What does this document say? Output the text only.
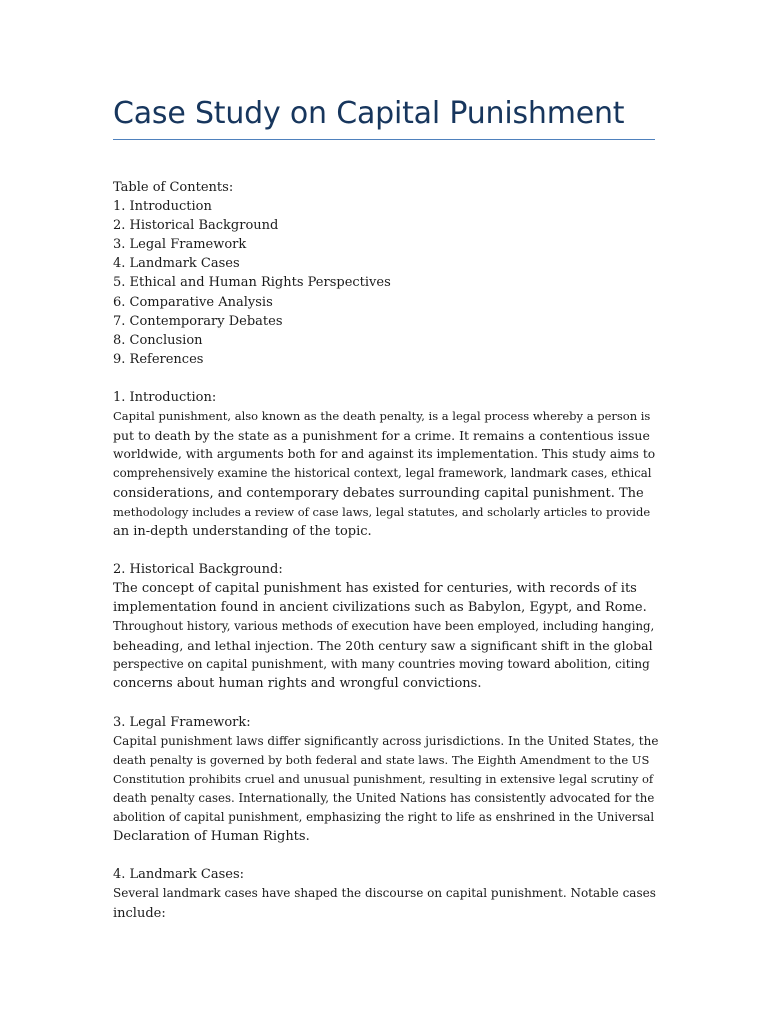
Case Study on Capital Punishment
Table of Contents:
1. Introduction
2. Historical Background
3. Legal Framework
4. Landmark Cases
5. Ethical and Human Rights Perspectives
6. Comparative Analysis
7. Contemporary Debates
8. Conclusion
9. References
1. Introduction:
Capital punishment, also known as the death penalty, is a legal process whereby a person is
put to death by the state as a punishment for a crime. It remains a contentious issue
worldwide, with arguments both for and against its implementation. This study aims to
comprehensively examine the historical context, legal framework, landmark cases, ethical
considerations, and contemporary debates surrounding capital punishment. The
methodology includes a review of case laws, legal statutes, and scholarly articles to provide
an in-depth understanding of the topic.
2. Historical Background:
The concept of capital punishment has existed for centuries, with records of its
implementation found in ancient civilizations such as Babylon, Egypt, and Rome.
Throughout history, various methods of execution have been employed, including hanging,
beheading, and lethal injection. The 20th century saw a significant shift in the global
perspective on capital punishment, with many countries moving toward abolition, citing
concerns about human rights and wrongful convictions.
3. Legal Framework:
Capital punishment laws differ significantly across jurisdictions. In the United States, the
death penalty is governed by both federal and state laws. The Eighth Amendment to the US
Constitution prohibits cruel and unusual punishment, resulting in extensive legal scrutiny of
death penalty cases. Internationally, the United Nations has consistently advocated for the
abolition of capital punishment, emphasizing the right to life as enshrined in the Universal
Declaration of Human Rights.
4. Landmark Cases:
Several landmark cases have shaped the discourse on capital punishment. Notable cases
include:
